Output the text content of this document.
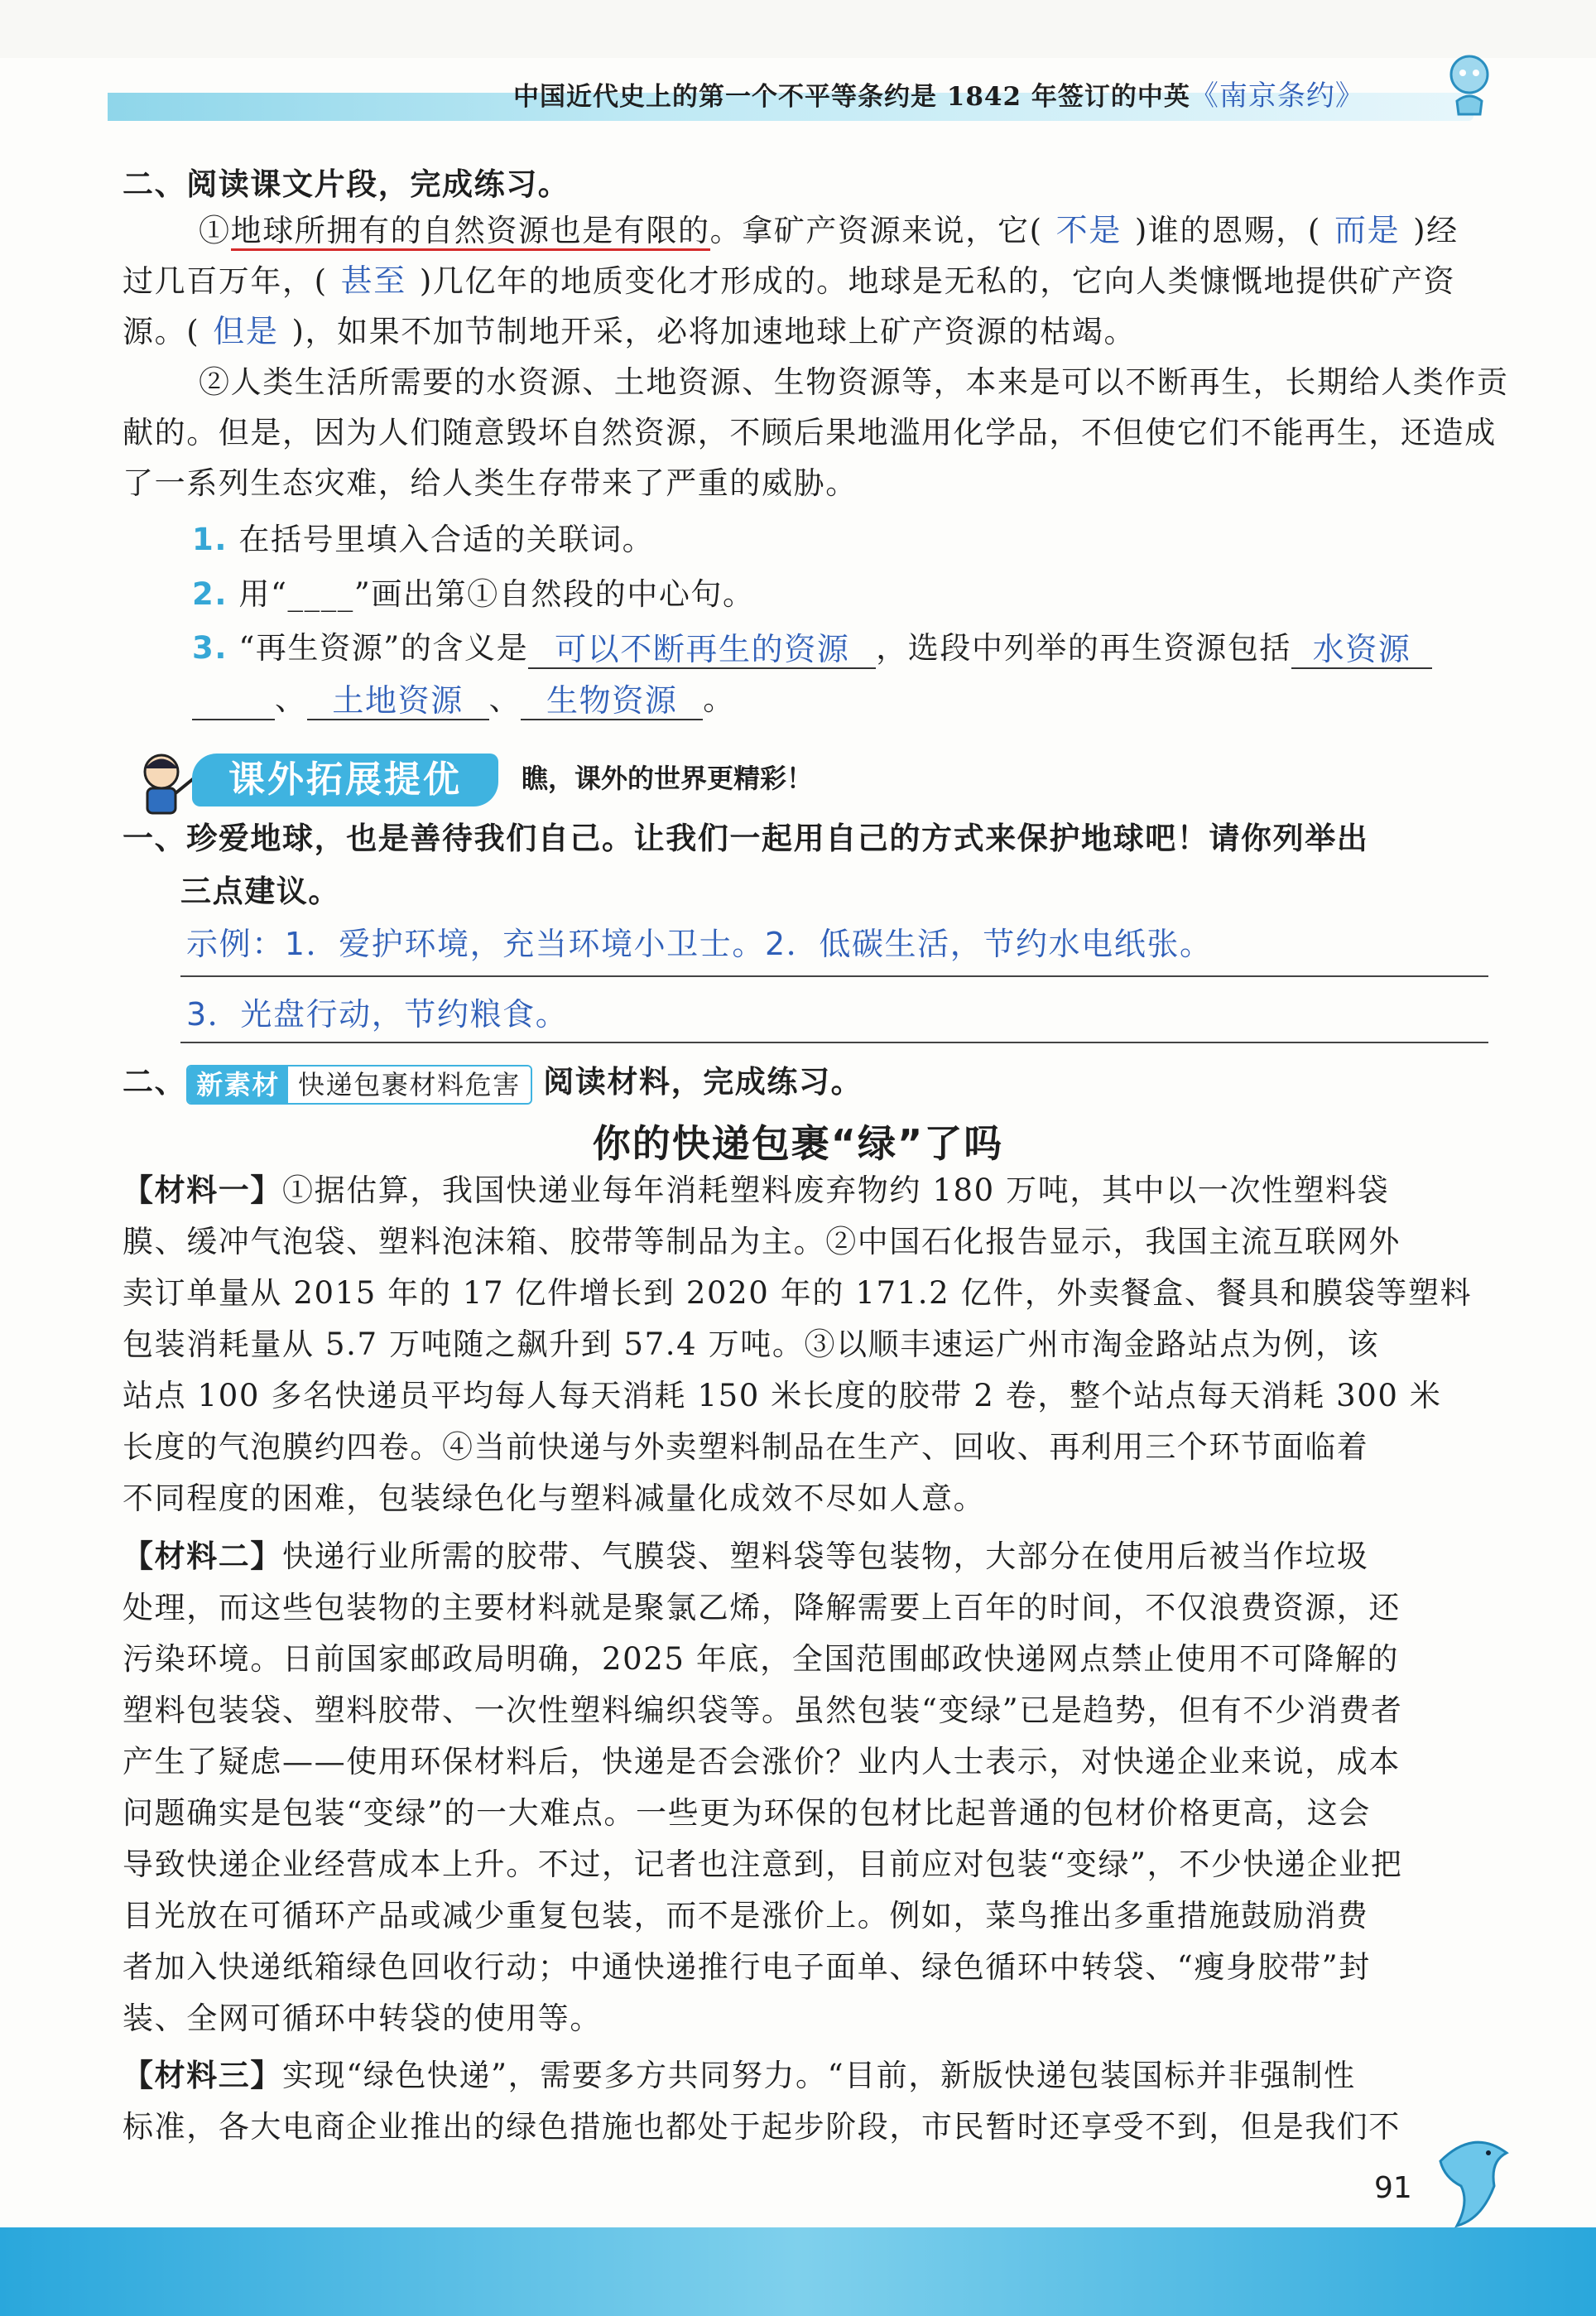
中国近代史上的第一个不平等条约是 1842 年签订的中英《南京条约》
二、阅读课文片段，完成练习。
①地球所拥有的自然资源也是有限的。拿矿产资源来说，它( 不是 )谁的恩赐，( 而是 )经
过几百万年，( 甚至 )几亿年的地质变化才形成的。地球是无私的，它向人类慷慨地提供矿产资
源。( 但是 )，如果不加节制地开采，必将加速地球上矿产资源的枯竭。
②人类生活所需要的水资源、土地资源、生物资源等，本来是可以不断再生，长期给人类作贡
献的。但是，因为人们随意毁坏自然资源，不顾后果地滥用化学品，不但使它们不能再生，还造成
了一系列生态灾难，给人类生存带来了严重的威胁。
1. 在括号里填入合适的关联词。
2. 用“____”画出第①自然段的中心句。
3. “再生资源”的含义是 可以不断再生的资源 ，选段中列举的再生资源包括 水资源
、 土地资源 、 生物资源 。
课外拓展提优	瞧，课外的世界更精彩！
一、珍爱地球，也是善待我们自己。让我们一起用自己的方式来保护地球吧！请你列举出
三点建议。
示例：1．爱护环境，充当环境小卫士。2．低碳生活，节约水电纸张。
3．光盘行动，节约粮食。
二、 新素材 快递包裹材料危害 阅读材料，完成练习。
你的快递包裹“绿”了吗
【材料一】①据估算，我国快递业每年消耗塑料废弃物约 180 万吨，其中以一次性塑料袋
膜、缓冲气泡袋、塑料泡沫箱、胶带等制品为主。②中国石化报告显示，我国主流互联网外
卖订单量从 2015 年的 17 亿件增长到 2020 年的 171.2 亿件，外卖餐盒、餐具和膜袋等塑料
包装消耗量从 5.7 万吨随之飙升到 57.4 万吨。③以顺丰速运广州市淘金路站点为例，该
站点 100 多名快递员平均每人每天消耗 150 米长度的胶带 2 卷，整个站点每天消耗 300 米
长度的气泡膜约四卷。④当前快递与外卖塑料制品在生产、回收、再利用三个环节面临着
不同程度的困难，包装绿色化与塑料减量化成效不尽如人意。
【材料二】快递行业所需的胶带、气膜袋、塑料袋等包装物，大部分在使用后被当作垃圾
处理，而这些包装物的主要材料就是聚氯乙烯，降解需要上百年的时间，不仅浪费资源，还
污染环境。日前国家邮政局明确，2025 年底，全国范围邮政快递网点禁止使用不可降解的
塑料包装袋、塑料胶带、一次性塑料编织袋等。虽然包装“变绿”已是趋势，但有不少消费者
产生了疑虑——使用环保材料后，快递是否会涨价？业内人士表示，对快递企业来说，成本
问题确实是包装“变绿”的一大难点。一些更为环保的包材比起普通的包材价格更高，这会
导致快递企业经营成本上升。不过，记者也注意到，目前应对包装“变绿”，不少快递企业把
目光放在可循环产品或减少重复包装，而不是涨价上。例如，菜鸟推出多重措施鼓励消费
者加入快递纸箱绿色回收行动；中通快递推行电子面单、绿色循环中转袋、“瘦身胶带”封
装、全网可循环中转袋的使用等。
【材料三】实现“绿色快递”，需要多方共同努力。“目前，新版快递包装国标并非强制性
标准，各大电商企业推出的绿色措施也都处于起步阶段，市民暂时还享受不到，但是我们不
91
